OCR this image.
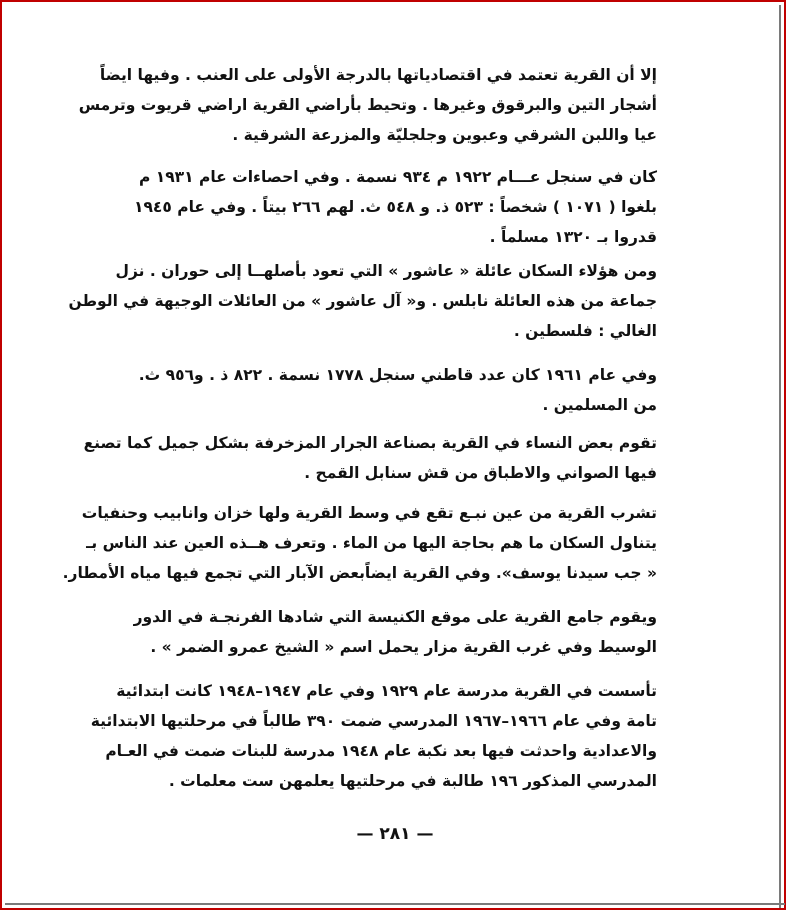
إلا أن القرية تعتمد في اقتصادياتها بالدرجة الأولى على العنب . وفيها ايضاً
أشجار التين والبرقوق وغيرها . وتحيط بأراضي القرية اراضي قريوت وترمس
عيا واللبن الشرقي وعبوين وجلجليّة والمزرعة الشرقية .

كان في سنجل عـــام ١٩٢٢ م ٩٣٤ نسمة . وفي احصاءات عام ١٩٣١ م
بلغوا ( ١٠٧١ ) شخصاً : ٥٢٣ ذ. و ٥٤٨ ث. لهم ٢٦٦ بيتاً . وفي عام ١٩٤٥
قدروا بـ ١٣٢٠ مسلماً .

ومن هؤلاء السكان عائلة « عاشور » التي تعود بأصلهــا إلى حوران . نزل
جماعة من هذه العائلة نابلس . و« آل عاشور » من العائلات الوجيهة في الوطن
الغالي : فلسطين .

وفي عام ١٩٦١ كان عدد قاطني سنجل ١٧٧٨ نسمة . ٨٢٢ ذ . و٩٥٦ ث.
من المسلمين .

تقوم بعض النساء في القرية بصناعة الجرار المزخرفة بشكل جميل كما تصنع
فيها الصواني والاطباق من قش سنابل القمح .

تشرب القرية من عين نبـع تقع في وسط القرية ولها خزان وانابيب وحنفيات
يتناول السكان ما هم بحاجة اليها من الماء . وتعرف هــذه العين عند الناس بـ
« جب سيدنا يوسف». وفي القرية ايضاًبعض الآبار التي تجمع فيها مياه الأمطار.

ويقوم جامع القرية على موقع الكنيسة التي شادها الفرنجـة في الدور
الوسيط وفي غرب القرية مزار يحمل اسم « الشيخ عمرو الضمر » .

تأسست في القرية مدرسة عام ١٩٢٩ وفي عام ١٩٤٧–١٩٤٨ كانت ابتدائية
تامة وفي عام ١٩٦٦–١٩٦٧ المدرسي ضمت ٣٩٠ طالباً في مرحلتيها الابتدائية
والاعدادية واحدثت فيها بعد نكبة عام ١٩٤٨ مدرسة للبنات ضمت في العـام
المدرسي المذكور ١٩٦ طالبة في مرحلتيها يعلمهن ست معلمات .

— ٢٨١ —
